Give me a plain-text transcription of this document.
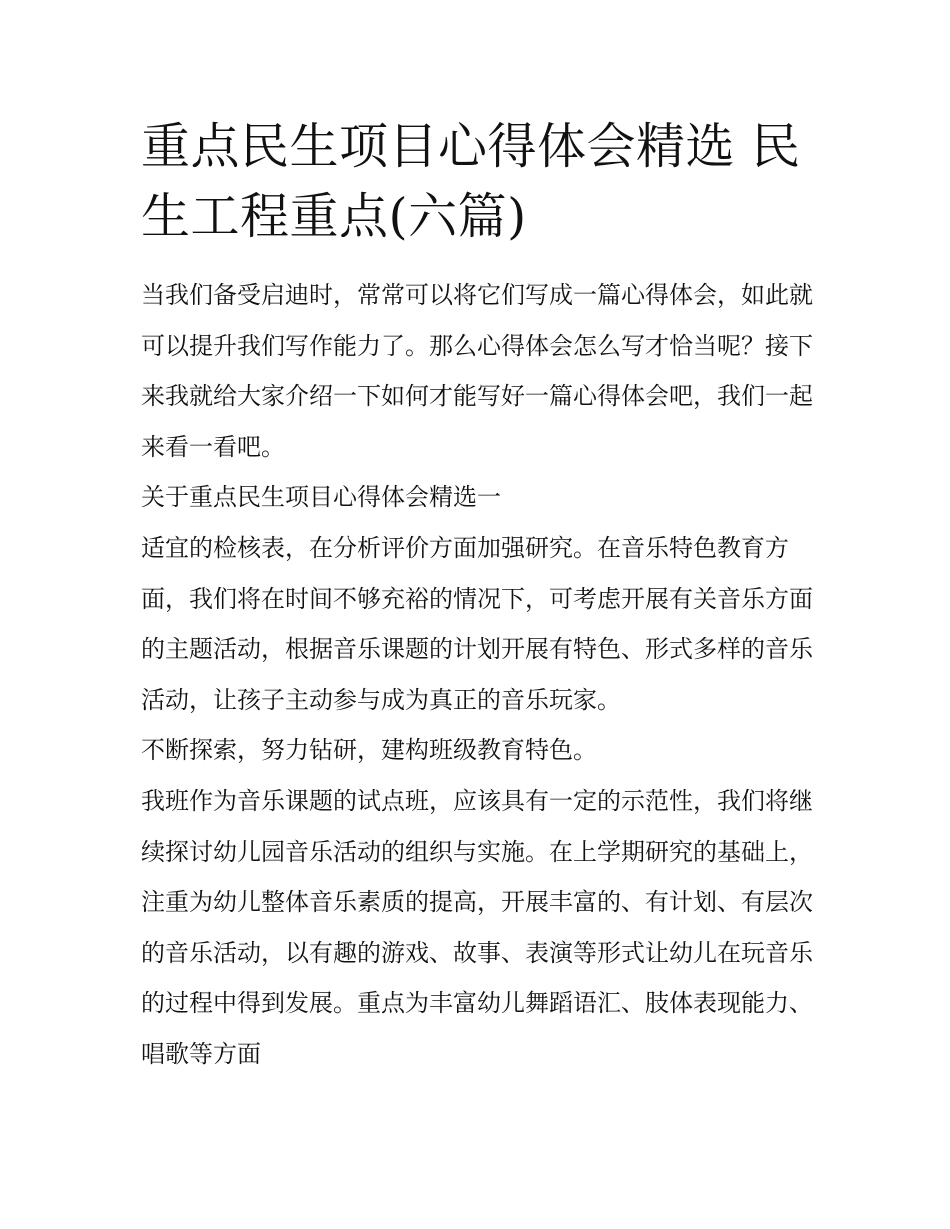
重点民生项目心得体会精选 民生工程重点(六篇)

当我们备受启迪时，常常可以将它们写成一篇心得体会，如此就可以提升我们写作能力了。那么心得体会怎么写才恰当呢？接下来我就给大家介绍一下如何才能写好一篇心得体会吧，我们一起来看一看吧。

关于重点民生项目心得体会精选一

适宜的检核表，在分析评价方面加强研究。在音乐特色教育方面，我们将在时间不够充裕的情况下，可考虑开展有关音乐方面的主题活动，根据音乐课题的计划开展有特色、形式多样的音乐活动，让孩子主动参与成为真正的音乐玩家。

不断探索，努力钻研，建构班级教育特色。

我班作为音乐课题的试点班，应该具有一定的示范性，我们将继续探讨幼儿园音乐活动的组织与实施。在上学期研究的基础上，注重为幼儿整体音乐素质的提高，开展丰富的、有计划、有层次的音乐活动，以有趣的游戏、故事、表演等形式让幼儿在玩音乐的过程中得到发展。重点为丰富幼儿舞蹈语汇、肢体表现能力、唱歌等方面
